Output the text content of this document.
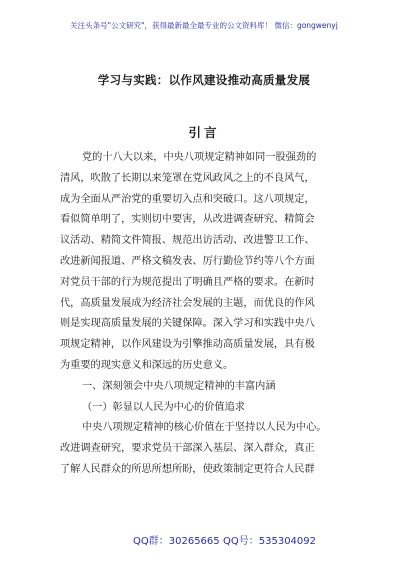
关注头条号"公文研究"，获得最新最全最专业的公文资料库！ 微信：gongwenyj
学习与实践：以作风建设推动高质量发展
引言
党的十八大以来，中央八项规定精神如同一股强劲的
清风，吹散了长期以来笼罩在党风政风之上的不良风气，
成为全面从严治党的重要切入点和突破口。这八项规定，
看似简单明了，实则切中要害，从改进调查研究、精简会
议活动、精简文件简报、规范出访活动、改进警卫工作、
改进新闻报道、严格文稿发表、厉行勤俭节约等八个方面
对党员干部的行为规范提出了明确且严格的要求。在新时
代，高质量发展成为经济社会发展的主题，而优良的作风
则是实现高质量发展的关键保障。深入学习和实践中央八
项规定精神，以作风建设为引擎推动高质量发展，具有极
为重要的现实意义和深远的历史意义。
一、深刻领会中央八项规定精神的丰富内涵
（一）彰显以人民为中心的价值追求
中央八项规定精神的核心价值在于坚持以人民为中心。
改进调查研究，要求党员干部深入基层、深入群众，真正
了解人民群众的所思所想所盼，使政策制定更符合人民群
QQ群：30265665 QQ号：535304092
